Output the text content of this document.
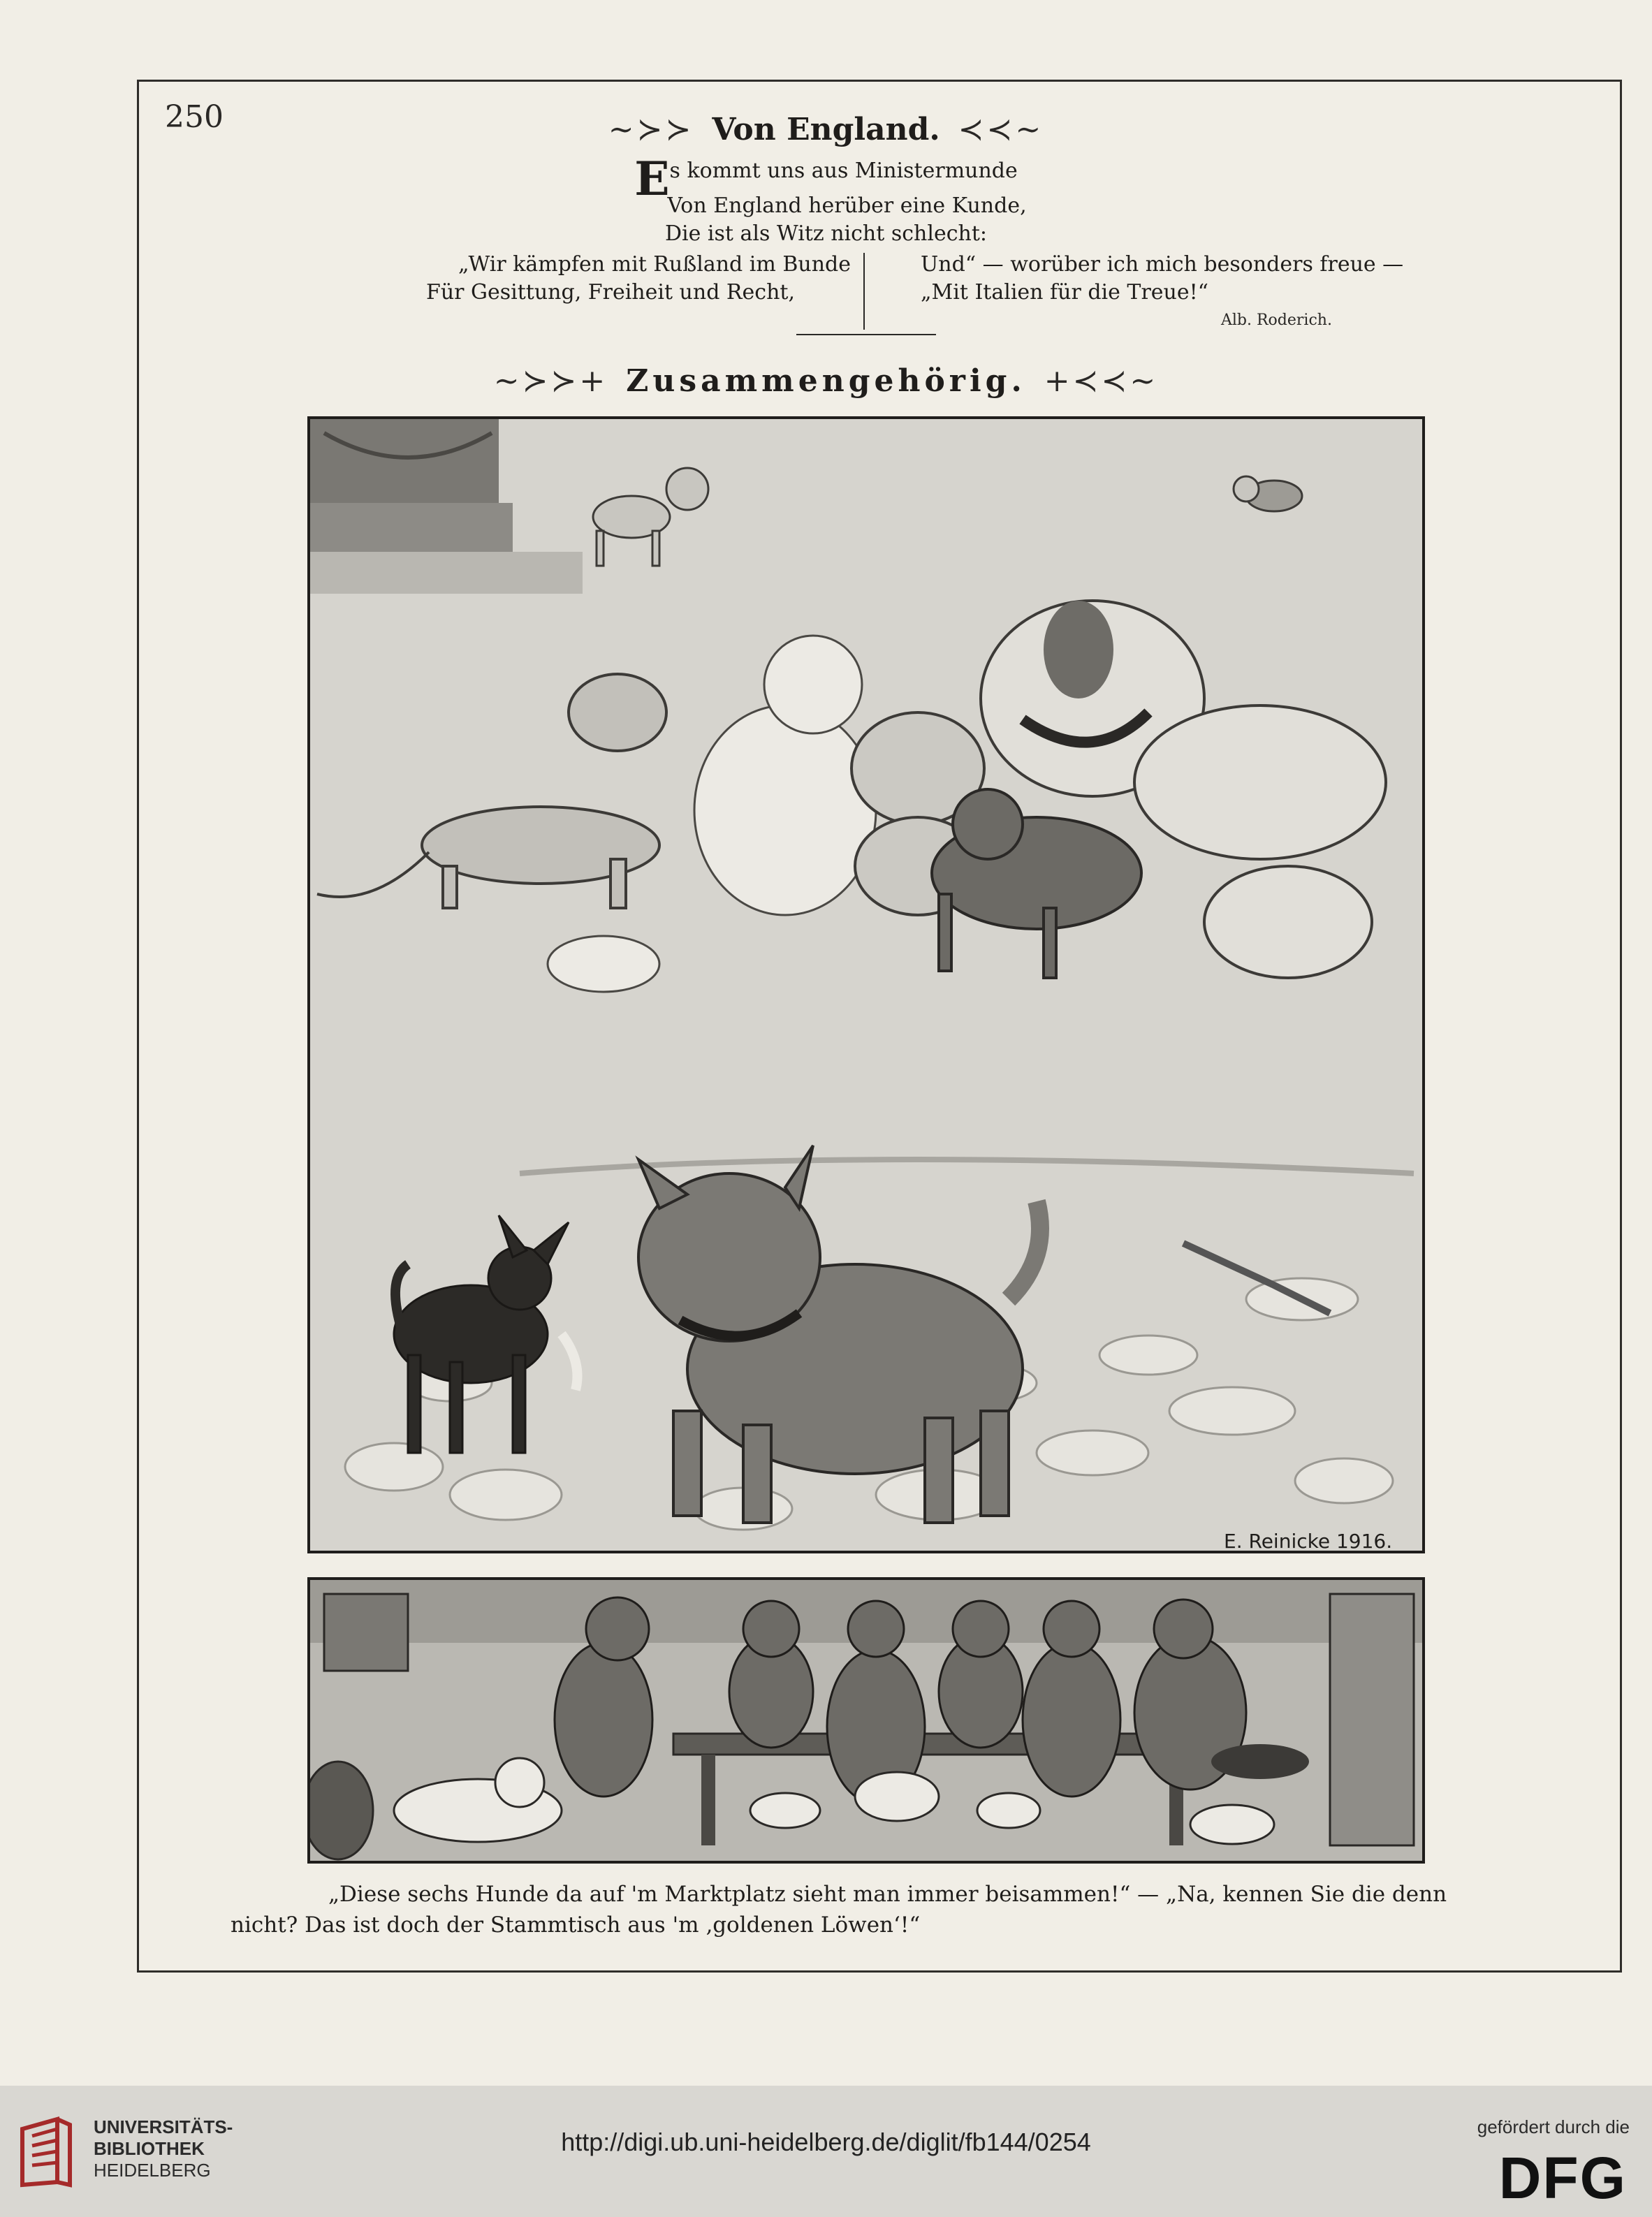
250	~≻≻ Von England. ≺≺~
Es kommt uns aus Ministermunde
Von England herüber eine Kunde,
Die ist als Witz nicht schlecht:
„Wir kämpfen mit Rußland im Bunde
Für Gesittung, Freiheit und Recht,
Und“ — worüber ich mich besonders freue —
„Mit Italien für die Treue!“
Alb. Roderich.
~≻≻+ Zusammengehörig. +≺≺~
E. Reinicke 1916.
„Diese sechs Hunde da auf 'm Marktplatz sieht man immer beisammen!“ — „Na, kennen Sie die denn
nicht? Das ist doch der Stammtisch aus 'm ‚goldenen Löwen‘!“
UNIVERSITÄTS-
BIBLIOTHEK
HEIDELBERG
http://digi.ub.uni-heidelberg.de/diglit/fb144/0254
gefördert durch die
DFG
